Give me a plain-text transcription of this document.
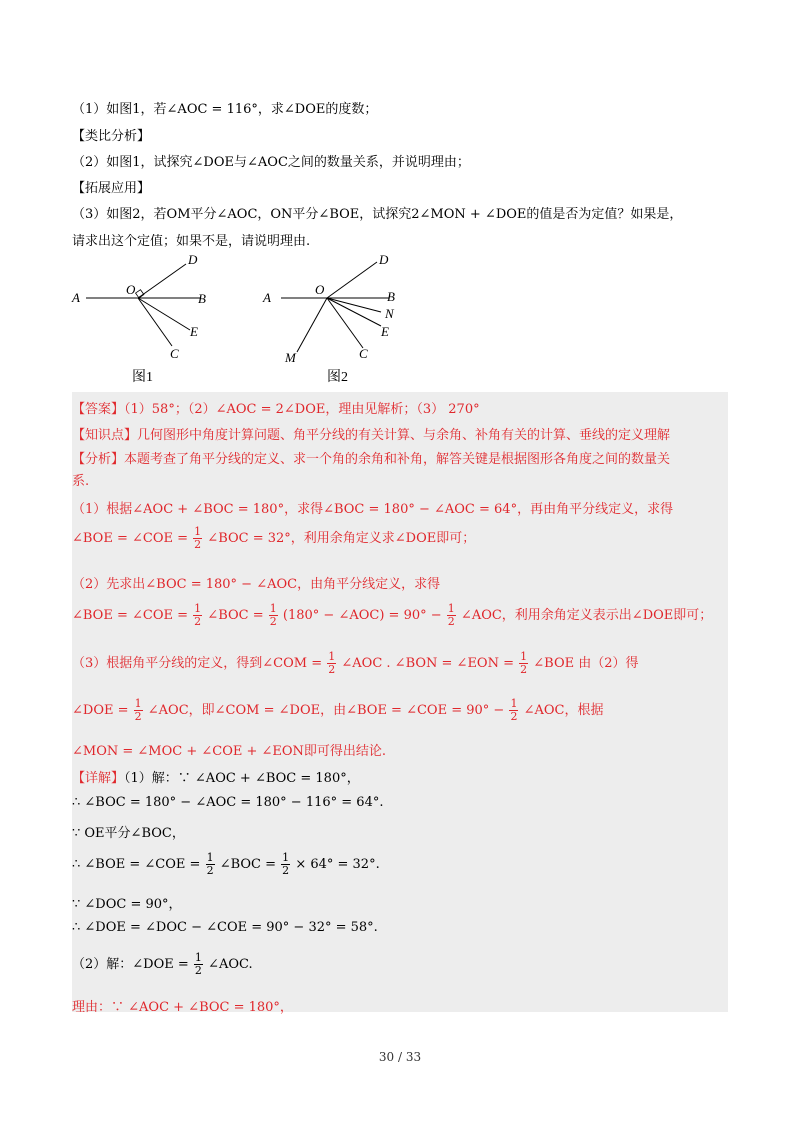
（1）如图1，若∠AOC = 116°，求∠DOE的度数；
【类比分析】
（2）如图1，试探究∠DOE与∠AOC之间的数量关系，并说明理由；
【拓展应用】
（3）如图2，若OM平分∠AOC，ON平分∠BOE，试探究2∠MON + ∠DOE的值是否为定值？如果是，
请求出这个定值；如果不是，请说明理由.
A
O
B
D
E
C
图1
A
O	B
D
N
E
M	C
图2
【答案】（1）58°；（2）∠AOC = 2∠DOE，理由见解析；（3） 270°
【知识点】几何图形中角度计算问题、角平分线的有关计算、与余角、补角有关的计算、垂线的定义理解
【分析】本题考查了角平分线的定义、求一个角的余角和补角，解答关键是根据图形各角度之间的数量关
系.
（1）根据∠AOC + ∠BOC = 180°，求得∠BOC = 180° − ∠AOC = 64°，再由角平分线定义，求得
∠BOE = ∠COE = $\frac{1}{2}$ ∠BOC = 32°，利用余角定义求∠DOE即可；
（2）先求出∠BOC = 180° − ∠AOC，由角平分线定义，求得
∠BOE = ∠COE = $\frac{1}{2}$ ∠BOC = $\frac{1}{2} (180^\circ$ − ∠AOC) = $90^\circ - \frac{1}{2}$ ∠AOC，利用余角定义表示出∠DOE即可；
（3）根据角平分线的定义，得到∠COM = $\frac{1}{2}$ ∠AOC . ∠BON = ∠EON = $\frac{1}{2}$ ∠BOE 由（2）得
∠DOE = $\frac{1}{2}$ ∠AOC，即∠COM = ∠DOE，由∠BOE = ∠COE = $90^\circ - \frac{1}{2}$ ∠AOC，根据
∠MON = ∠MOC + ∠COE + ∠EON即可得出结论.
【详解】（1）解：∵ ∠AOC + ∠BOC = 180°，
∴ ∠BOC = 180° − ∠AOC = 180° − 116° = 64°.
∵ OE平分∠BOC，
∴ ∠BOE = ∠COE = $\frac{1}{2}$ ∠BOC = $\frac{1}{2} \times 64^\circ = 32^\circ$.
∵ ∠DOC = 90°，
∴ ∠DOE = ∠DOC − ∠COE = 90° − 32° = 58°.
（2）解：∠DOE = $\frac{1}{2}$ ∠AOC.
理由：∵ ∠AOC + ∠BOC = 180°，
30 / 33
